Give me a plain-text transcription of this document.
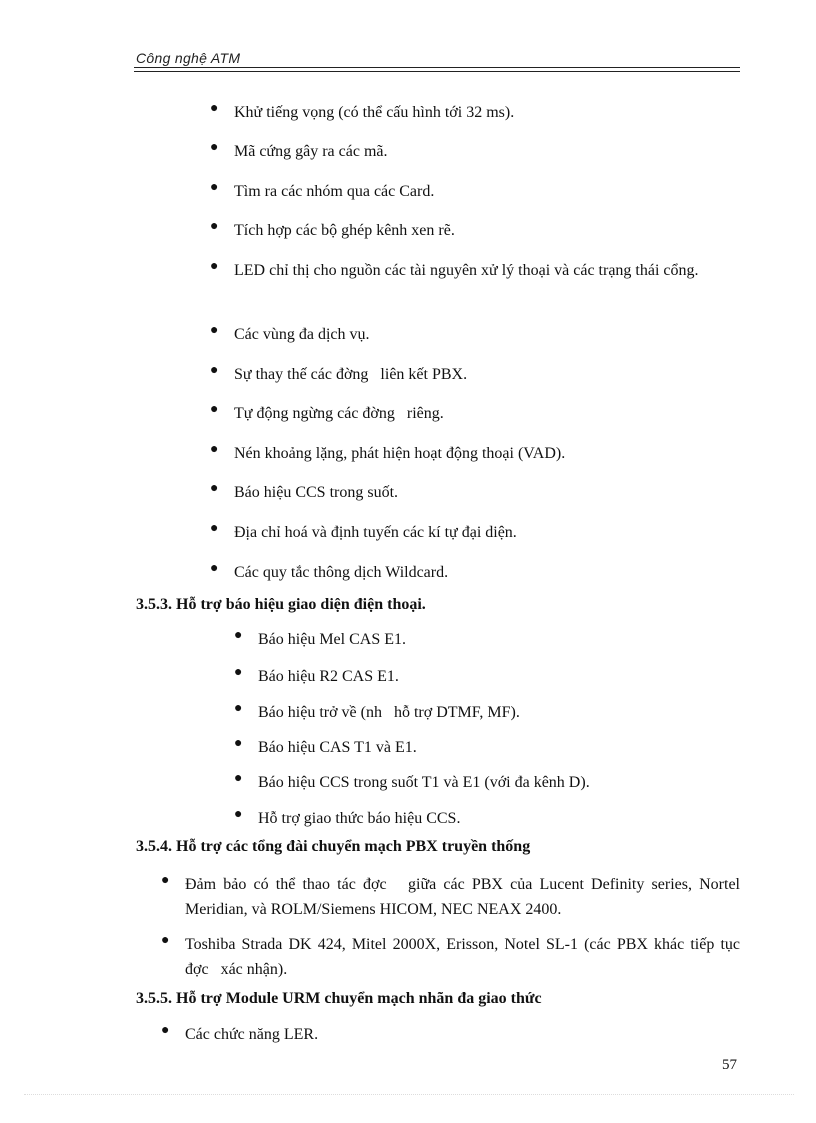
Công nghệ ATM
● Khử tiếng vọng (có thể cấu hình tới 32 ms).
● Mã cứng gây ra các mã.
● Tìm ra các nhóm qua các Card.
● Tích hợp các bộ ghép kênh xen rẽ.
● LED chỉ thị cho nguồn các tài nguyên xử lý thoại và các trạng thái cổng.
● Các vùng đa dịch vụ.
● Sự thay thế các đờng   liên kết PBX.
● Tự động ngừng các đờng   riêng.
● Nén khoảng lặng, phát hiện hoạt động thoại (VAD).
● Báo hiệu CCS trong suốt.
● Địa chỉ hoá và định tuyến các kí tự đại diện.
● Các quy tắc thông dịch Wildcard.
3.5.3. Hỗ trợ báo hiệu giao diện điện thoại.
● Báo hiệu Mel CAS E1.
● Báo hiệu R2 CAS E1.
● Báo hiệu trở về (nh   hỗ trợ DTMF, MF).
● Báo hiệu CAS T1 và E1.
● Báo hiệu CCS trong suốt T1 và E1 (với đa kênh D).
● Hỗ trợ giao thức báo hiệu CCS.
3.5.4. Hỗ trợ các tổng đài chuyển mạch PBX truyền thống
● Đảm bảo có thể thao tác đợc   giữa các PBX của Lucent Definity series, Nortel Meridian, và ROLM/Siemens HICOM, NEC NEAX 2400.
● Toshiba Strada DK 424, Mitel 2000X, Erisson, Notel SL-1 (các PBX khác tiếp tục đợc   xác nhận).
3.5.5. Hỗ trợ Module URM chuyển mạch nhãn đa giao thức
● Các chức năng LER.
57
